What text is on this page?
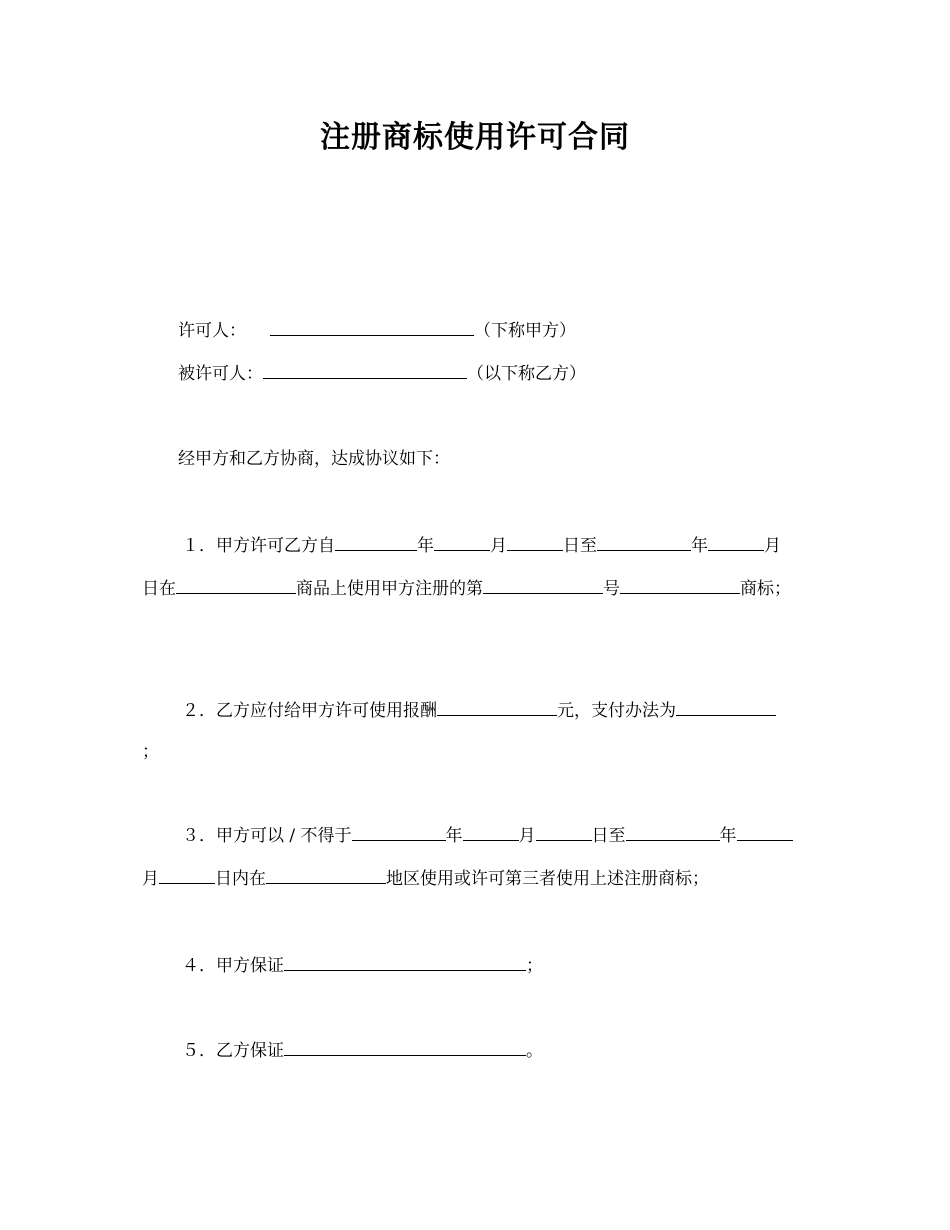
注册商标使用许可合同
许可人：	（下称甲方）
被许可人：	（以下称乙方）
经甲方和乙方协商，达成协议如下：
１．甲方许可乙方自	年	月	日至	年	月
日在	商品上使用甲方注册的第	号	商标；
２．乙方应付给甲方许可使用报酬	元，支付办法为
；
３．甲方可以 / 不得于	年	月	日至	年
月	日内在	地区使用或许可第三者使用上述注册商标；
４．甲方保证	；
５．乙方保证	。
